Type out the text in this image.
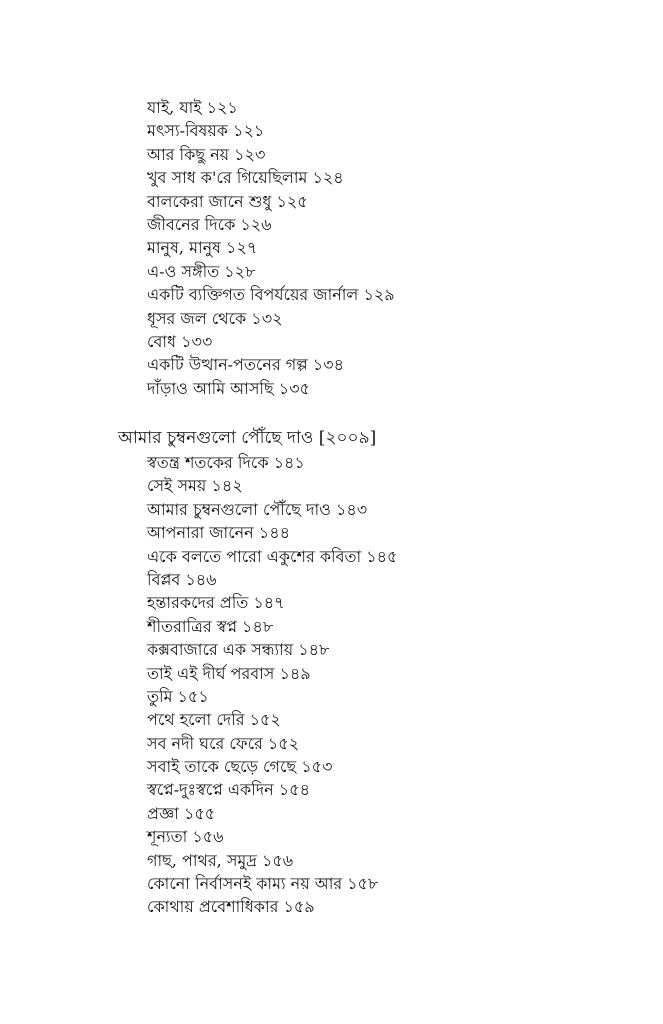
যাই, যাই ১২১
মৎস্য-বিষয়ক ১২১
আর কিছু নয় ১২৩
খুব সাধ ক'রে গিয়েছিলাম ১২৪
বালকেরা জানে শুধু ১২৫
জীবনের দিকে ১২৬
মানুষ, মানুষ ১২৭
এ-ও সঙ্গীত ১২৮
একটি ব্যক্তিগত বিপর্যয়ের জার্নাল ১২৯
ধূসর জল থেকে ১৩২
বোধ ১৩৩
একটি উত্থান-পতনের গল্প ১৩৪
দাঁড়াও আমি আসছি ১৩৫
আমার চুম্বনগুলো পৌঁছে দাও [২০০৯]
স্বতন্ত্র শতকের দিকে ১৪১
সেই সময় ১৪২
আমার চুম্বনগুলো পৌঁছে দাও ১৪৩
আপনারা জানেন ১৪৪
একে বলতে পারো একুশের কবিতা ১৪৫
বিপ্লব ১৪৬
হন্তারকদের প্রতি ১৪৭
শীতরাত্রির স্বপ্ন ১৪৮
কক্সবাজারে এক সন্ধ্যায় ১৪৮
তাই এই দীর্ঘ পরবাস ১৪৯
তুমি ১৫১
পথে হলো দেরি ১৫২
সব নদী ঘরে ফেরে ১৫২
সবাই তাকে ছেড়ে গেছে ১৫৩
স্বপ্নে-দুঃস্বপ্নে একদিন ১৫৪
প্রজ্ঞা ১৫৫
শূন্যতা ১৫৬
গাছ, পাথর, সমুদ্র ১৫৬
কোনো নির্বাসনই কাম্য নয় আর ১৫৮
কোথায় প্রবেশাধিকার ১৫৯
